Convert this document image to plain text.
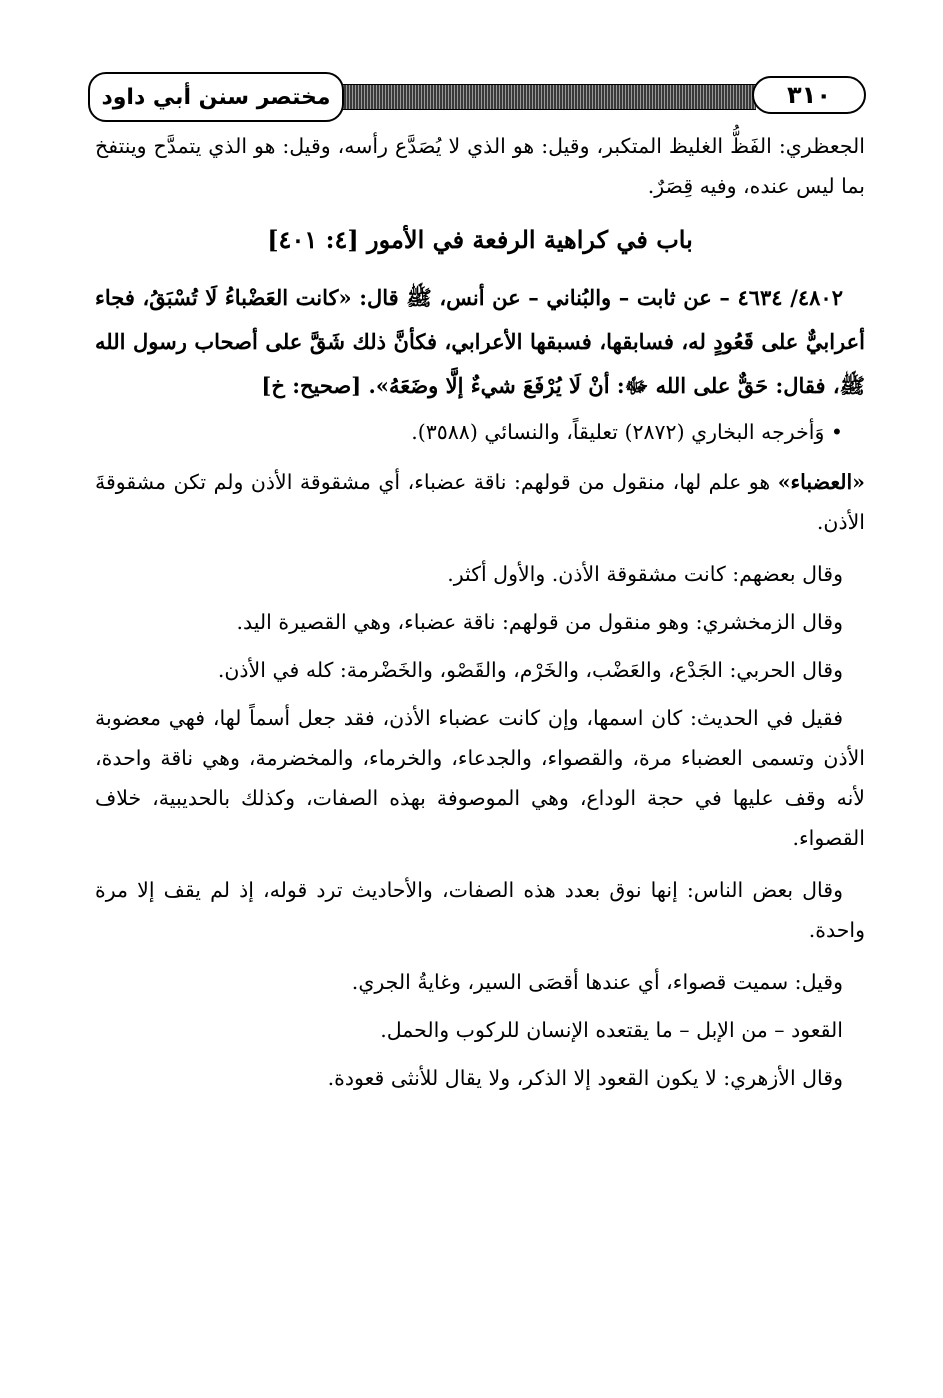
مختصر سنن أبي داود	٣١٠

الجعظري: الفَظُّ الغليظ المتكبر، وقيل: هو الذي لا يُصَدَّع رأسه، وقيل: هو الذي يتمدَّح وينتفخ بما ليس عنده، وفيه قِصَرٌ.

باب في كراهية الرفعة في الأمور [٤: ٤٠١]

٤٨٠٢/ ٤٦٣٤ – عن ثابت – والبُناني – عن أنس، ﷺ قال: «كانت العَضْباءُ لَا تُسْبَقُ، فجاء أعرابيٌّ على قَعُودٍ له، فسابقها، فسبقها الأعرابي، فكأنَّ ذلك شَقَّ على أصحاب رسول الله ﷺ، فقال: حَقٌّ على الله ﷻ: أنْ لَا يُرْفَعَ شيءٌ إلَّا وضَعَهُ». [صحيح: خ]

• وَأخرجه البخاري (٢٨٧٢) تعليقاً، والنسائي (٣٥٨٨).

«العضباء» هو علم لها، منقول من قولهم: ناقة عضباء، أي مشقوقة الأذن ولم تكن مشقوقةَ الأذن.

وقال بعضهم: كانت مشقوقة الأذن. والأول أكثر.

وقال الزمخشري: وهو منقول من قولهم: ناقة عضباء، وهي القصيرة اليد.

وقال الحربي: الجَدْع، والعَضْب، والخَرْم، والقَصْو، والخَضْرمة: كله في الأذن.

فقيل في الحديث: كان اسمها، وإن كانت عضباء الأذن، فقد جعل أسماً لها، فهي معضوبة الأذن وتسمى العضباء مرة، والقصواء، والجدعاء، والخرماء، والمخضرمة، وهي ناقة واحدة، لأنه وقف عليها في حجة الوداع، وهي الموصوفة بهذه الصفات، وكذلك بالحديبية، خلاف القصواء.

وقال بعض الناس: إنها نوق بعدد هذه الصفات، والأحاديث ترد قوله، إذ لم يقف إلا مرة واحدة.

وقيل: سميت قصواء، أي عندها أقصَى السير، وغايةُ الجري.

القعود – من الإبل – ما يقتعده الإنسان للركوب والحمل.

وقال الأزهري: لا يكون القعود إلا الذكر، ولا يقال للأنثى قعودة.
